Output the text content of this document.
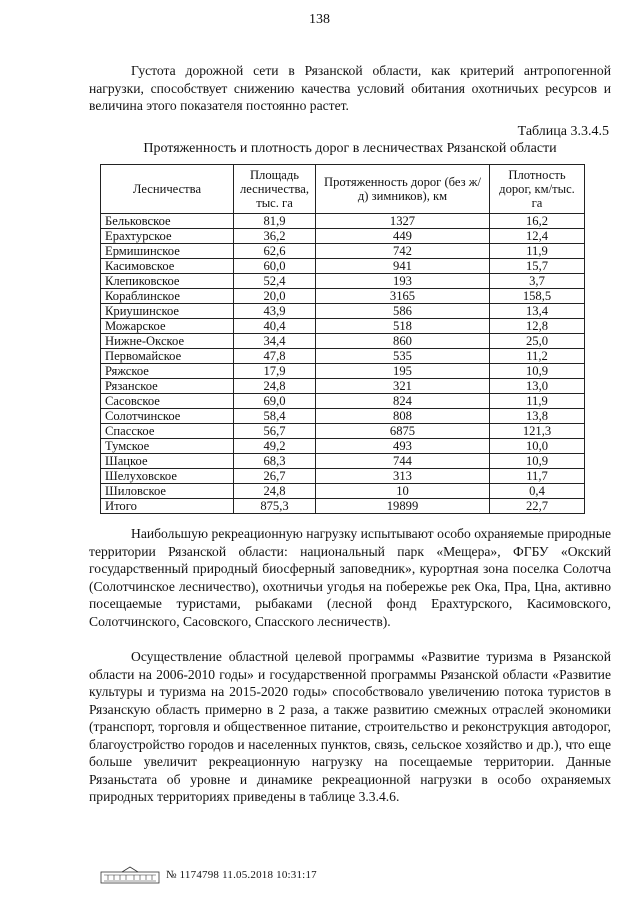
138

Густота дорожной сети в Рязанской области, как критерий антропогенной нагрузки, способствует снижению качества условий обитания охотничьих ресурсов и величина этого показателя постоянно растет.

Таблица 3.3.4.5
Протяженность и плотность дорог в лесничествах Рязанской области
Лесничества	Площадь лесничества, тыс. га	Протяженность дорог (без ж/д) зимников), км	Плотность дорог, км/тыс. га
Бельковское	81,9	1327	16,2
Ерахтурское	36,2	449	12,4
Ермишинское	62,6	742	11,9
Касимовское	60,0	941	15,7
Клепиковское	52,4	193	3,7
Кораблинское	20,0	3165	158,5
Криушинское	43,9	586	13,4
Можарское	40,4	518	12,8
Нижне-Окское	34,4	860	25,0
Первомайское	47,8	535	11,2
Ряжское	17,9	195	10,9
Рязанское	24,8	321	13,0
Сасовское	69,0	824	11,9
Солотчинское	58,4	808	13,8
Спасское	56,7	6875	121,3
Тумское	49,2	493	10,0
Шацкое	68,3	744	10,9
Шелуховское	26,7	313	11,7
Шиловское	24,8	10	0,4
Итого	875,3	19899	22,7

Наибольшую рекреационную нагрузку испытывают особо охраняемые природные территории Рязанской области: национальный парк «Мещера», ФГБУ «Окский государственный природный биосферный заповедник», курортная зона поселка Солотча (Солотчинское лесничество), охотничьи угодья на побережье рек Ока, Пра, Цна, активно посещаемые туристами, рыбаками (лесной фонд Ерахтурского, Касимовского, Солотчинского, Сасовского, Спасского лесничеств).

Осуществление областной целевой программы «Развитие туризма в Рязанской области на 2006-2010 годы» и государственной программы Рязанской области «Развитие культуры и туризма на 2015-2020 годы» способствовало увеличению потока туристов в Рязанскую область примерно в 2 раза, а также развитию смежных отраслей экономики (транспорт, торговля и общественное питание, строительство и реконструкция автодорог, благоустройство городов и населенных пунктов, связь, сельское хозяйство и др.), что еще больше увеличит рекреационную нагрузку на посещаемые территории. Данные Рязаньстата об уровне и динамике рекреационной нагрузки в особо охраняемых природных территориях приведены в таблице 3.3.4.6.

№ 1174798 11.05.2018 10:31:17
